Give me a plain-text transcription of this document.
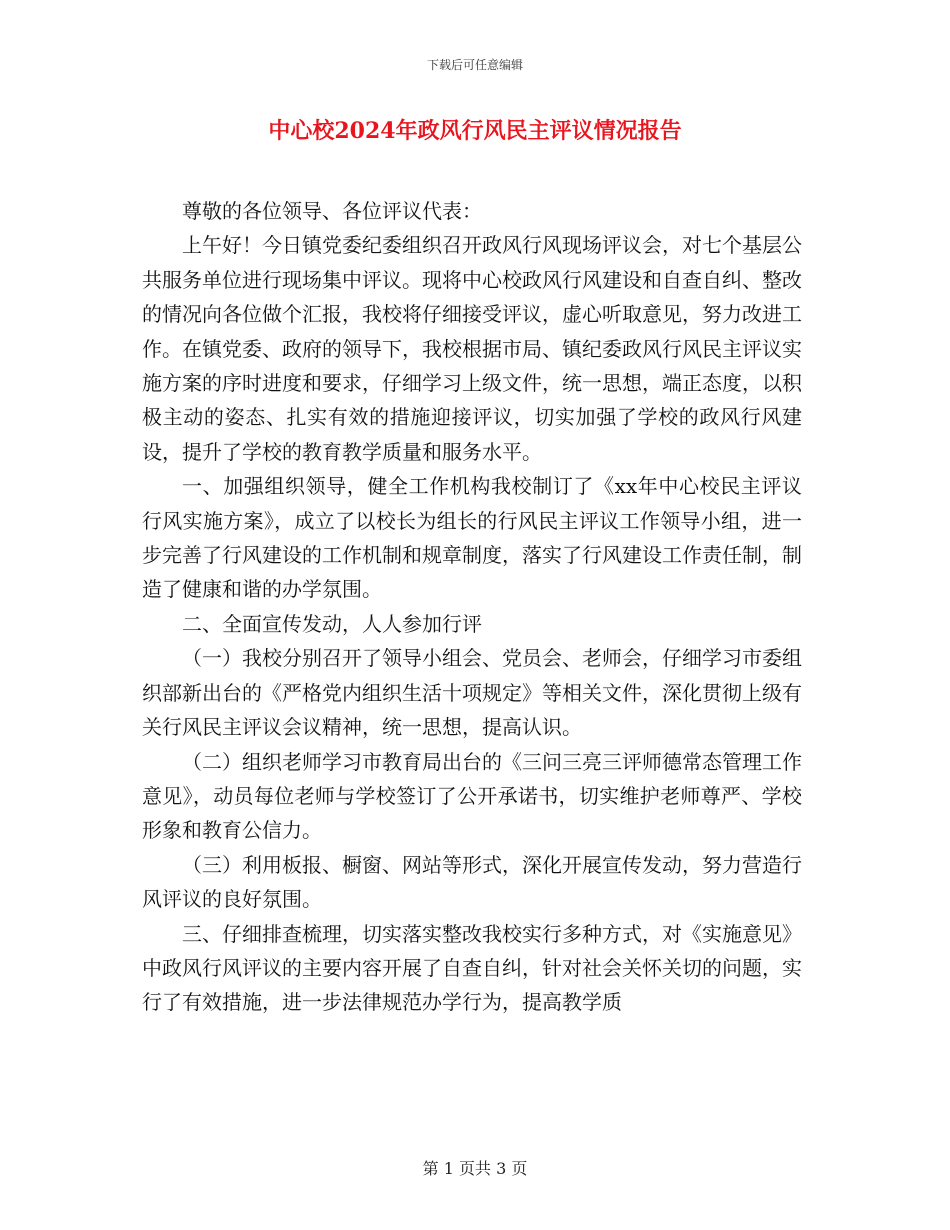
下载后可任意编辑
中心校2024年政风行风民主评议情况报告

尊敬的各位领导、各位评议代表：

上午好！今日镇党委纪委组织召开政风行风现场评议会，对七个基层公共服务单位进行现场集中评议。现将中心校政风行风建设和自查自纠、整改的情况向各位做个汇报，我校将仔细接受评议，虚心听取意见，努力改进工作。在镇党委、政府的领导下，我校根据市局、镇纪委政风行风民主评议实施方案的序时进度和要求，仔细学习上级文件，统一思想，端正态度，以积极主动的姿态、扎实有效的措施迎接评议，切实加强了学校的政风行风建设，提升了学校的教育教学质量和服务水平。

一、加强组织领导，健全工作机构我校制订了《xx年中心校民主评议行风实施方案》，成立了以校长为组长的行风民主评议工作领导小组，进一步完善了行风建设的工作机制和规章制度，落实了行风建设工作责任制，制造了健康和谐的办学氛围。

二、全面宣传发动，人人参加行评

（一）我校分别召开了领导小组会、党员会、老师会，仔细学习市委组织部新出台的《严格党内组织生活十项规定》等相关文件，深化贯彻上级有关行风民主评议会议精神，统一思想，提高认识。

（二）组织老师学习市教育局出台的《三问三亮三评师德常态管理工作意见》，动员每位老师与学校签订了公开承诺书，切实维护老师尊严、学校形象和教育公信力。

（三）利用板报、橱窗、网站等形式，深化开展宣传发动，努力营造行风评议的良好氛围。

三、仔细排查梳理，切实落实整改我校实行多种方式，对《实施意见》中政风行风评议的主要内容开展了自查自纠，针对社会关怀关切的问题，实行了有效措施，进一步法律规范办学行为，提高教学质

第 1 页共 3 页
